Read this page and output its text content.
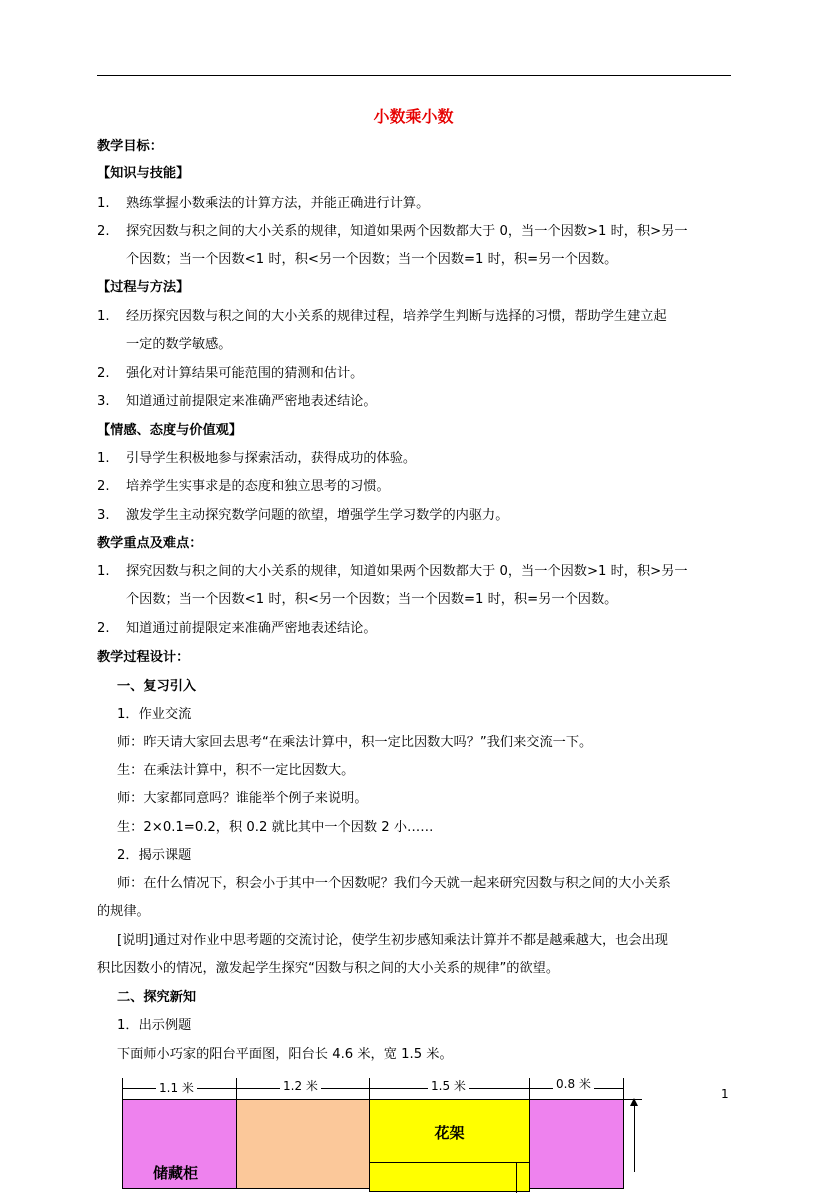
小数乘小数
教学目标：
【知识与技能】
1. 熟练掌握小数乘法的计算方法，并能正确进行计算。
2. 探究因数与积之间的大小关系的规律，知道如果两个因数都大于 0，当一个因数>1 时，积>另一
个因数；当一个因数<1 时，积<另一个因数；当一个因数=1 时，积=另一个因数。
【过程与方法】
1. 经历探究因数与积之间的大小关系的规律过程，培养学生判断与选择的习惯，帮助学生建立起
一定的数学敏感。
2. 强化对计算结果可能范围的猜测和估计。
3. 知道通过前提限定来准确严密地表述结论。
【情感、态度与价值观】
1. 引导学生积极地参与探索活动，获得成功的体验。
2. 培养学生实事求是的态度和独立思考的习惯。
3. 激发学生主动探究数学问题的欲望，增强学生学习数学的内驱力。
教学重点及难点：
1. 探究因数与积之间的大小关系的规律，知道如果两个因数都大于 0，当一个因数>1 时，积>另一
个因数；当一个因数<1 时，积<另一个因数；当一个因数=1 时，积=另一个因数。
2. 知道通过前提限定来准确严密地表述结论。
教学过程设计：
一、复习引入
1．作业交流
师：昨天请大家回去思考“在乘法计算中，积一定比因数大吗？”我们来交流一下。
生：在乘法计算中，积不一定比因数大。
师：大家都同意吗？谁能举个例子来说明。
生：2×0.1=0.2，积 0.2 就比其中一个因数 2 小……
2．揭示课题
师：在什么情况下，积会小于其中一个因数呢？我们今天就一起来研究因数与积之间的大小关系
的规律。
[说明]通过对作业中思考题的交流讨论，使学生初步感知乘法计算并不都是越乘越大，也会出现
积比因数小的情况，激发起学生探究“因数与积之间的大小关系的规律”的欲望。
二、探究新知
1．出示例题
下面师小巧家的阳台平面图，阳台长 4.6 米，宽 1.5 米。
1.1 米	1.2 米	1.5 米	0.8 米
储藏柜
花架
1
